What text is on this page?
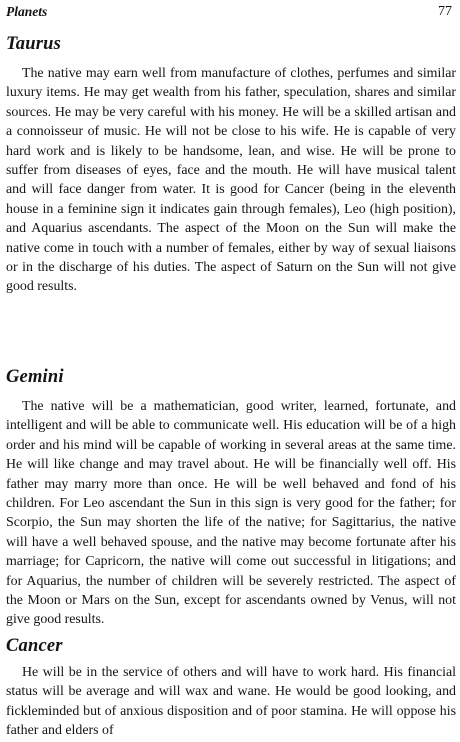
Planets	77
Taurus

The native may earn well from manufacture of clothes, perfumes and similar luxury items. He may get wealth from his father, speculation, shares and similar sources. He may be very careful with his money. He will be a skilled artisan and a connoisseur of music. He will not be close to his wife. He is capable of very hard work and is likely to be handsome, lean, and wise. He will be prone to suffer from diseases of eyes, face and the mouth. He will have musical talent and will face danger from water. It is good for Cancer (being in the eleventh house in a feminine sign it indicates gain through females), Leo (high position), and Aquarius ascendants. The aspect of the Moon on the Sun will make the native come in touch with a number of females, either by way of sexual liaisons or in the discharge of his duties. The aspect of Saturn on the Sun will not give good results.

Gemini

The native will be a mathematician, good writer, learned, fortunate, and intelligent and will be able to communicate well. His education will be of a high order and his mind will be capable of working in several areas at the same time. He will like change and may travel about. He will be financially well off. His father may marry more than once. He will be well behaved and fond of his children. For Leo ascendant the Sun in this sign is very good for the father; for Scorpio, the Sun may shorten the life of the native; for Sagittarius, the native will have a well behaved spouse, and the native may become fortunate after his marriage; for Capricorn, the native will come out successful in litigations; and for Aquarius, the number of children will be severely restricted. The aspect of the Moon or Mars on the Sun, except for ascendants owned by Venus, will not give good results.

Cancer

He will be in the service of others and will have to work hard. His financial status will be average and will wax and wane. He would be good looking, and fickleminded but of anxious disposition and of poor stamina. He will oppose his father and elders of
